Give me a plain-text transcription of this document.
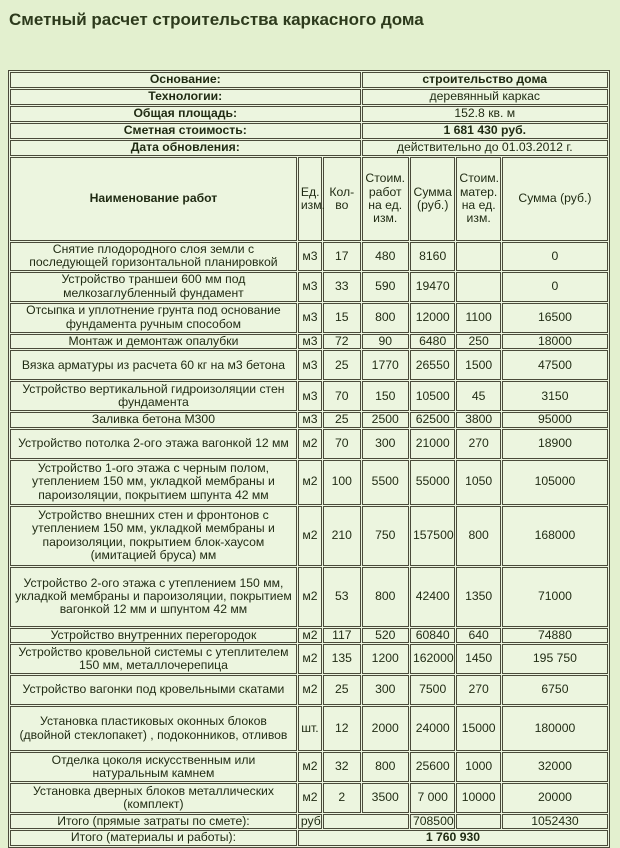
Сметный расчет строительства каркасного дома
Основание:			строительство дома			
Технологии:			деревянный каркас			
Общая площадь:			152.8 кв. м			
Сметная стоимость:			1 681 430 руб.			
Дата обновления:			действительно до 01.03.2012 г.			
Наименование работ	Ед. изм.	Кол-во	Стоим. работ на ед. изм.	Сумма (руб.)	Стоим. матер. на ед. изм.	Сумма (руб.)
Снятие плодородного слоя земли с последующей горизонтальной планировкой	м3	17	480	8160		0
Устройство траншеи 600 мм под мелкозаглубленный фундамент	м3	33	590	19470		0
Отсыпка и уплотнение грунта под основание фундамента ручным способом	м3	15	800	12000	1100	16500
Монтаж и демонтаж опалубки	м3	72	90	6480	250	18000
Вязка арматуры из расчета 60 кг на м3 бетона	м3	25	1770	26550	1500	47500
Устройство вертикальной гидроизоляции стен фундамента	м3	70	150	10500	45	3150
Заливка бетона М300	м3	25	2500	62500	3800	95000
Устройство потолка 2-огo этажа вагонкой 12 мм	м2	70	300	21000	270	18900
Устройство 1-ого этажа с черным полом, утеплением 150 мм, укладкой мембраны и пароизоляции, покрытием шпунта 42 мм	м2	100	5500	55000	1050	105000
Устройство внешних стен и фронтонов с утеплением 150 мм, укладкой мембраны и пароизоляции, покрытием блок-хаусом (имитацией бруса) мм	м2	210	750	157500	800	168000
Устройство 2-ого этажа с утеплением 150 мм, укладкой мембраны и пароизоляции, покрытием вагонкой 12 мм и шпунтом 42 мм	м2	53	800	42400	1350	71000
Устройство внутренних перегородок	м2	117	520	60840	640	74880
Устройство кровельной системы с утеплителем 150 мм, металлочерепица	м2	135	1200	162000	1450	195 750
Устройство вагонки под кровельными скатами	м2	25	300	7500	270	6750
Установка пластиковых оконных блоков (двойной стеклопакет) , подоконников, отливов	шт.	12	2000	24000	15000	180000
Отделка цоколя искусственным или натуральным камнем	м2	32	800	25600	1000	32000
Установка дверных блоков металлических (комплект)	м2	2	3500	7 000	10000	20000
Итого (прямые затраты по смете):	руб			708500		1052430
Итого (материалы и работы):	1 760 930					
